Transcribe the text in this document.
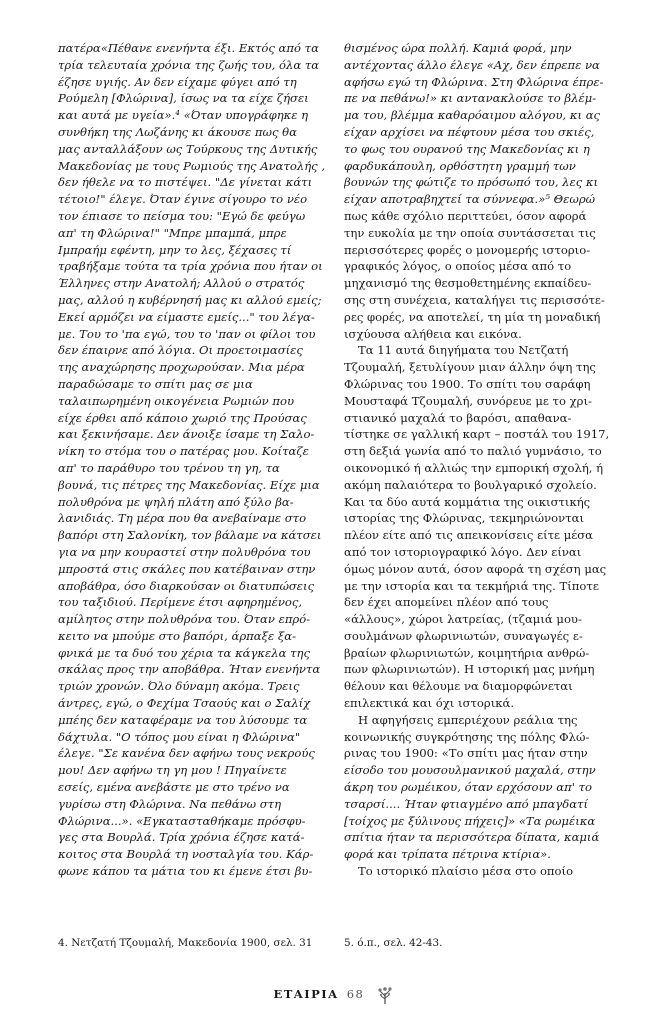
πατέρα«Πέθανε ενενήντα έξι. Εκτός από τα
τρία τελευταία χρόνια της ζωής του, όλα τα
έζησε υγιής. Αν δεν είχαμε φύγει από τη
Ρούμελη [Φλώρινα], ίσως να τα είχε ζήσει
και αυτά με υγεία».⁴ «Όταν υπογράφηκε η
συνθήκη της Λωζάνης κι άκουσε πως θα
μας ανταλλάξουν ως Τούρκους της Δυτικής
Μακεδονίας με τους Ρωμιούς της Ανατολής ,
δεν ήθελε να το πιστέψει. "Δε γίνεται κάτι
τέτοιο!" έλεγε. Όταν έγινε σίγουρο το νέο
τον έπιασε το πείσμα του: "Εγώ δε φεύγω
απ' τη Φλώρινα!" "Μπρε μπαμπά, μπρε
Ιμπραήμ εφέντη, μην το λες, ξέχασες τί
τραβήξαμε τούτα τα τρία χρόνια που ήταν οι
Έλληνες στην Ανατολή; Αλλού ο στρατός
μας, αλλού η κυβέρνησή μας κι αλλού εμείς;
Εκεί αρμόζει να είμαστε εμείς..." του λέγα-
με. Του το 'πα εγώ, του το 'παν οι φίλοι του
δεν έπαιρνε από λόγια. Οι προετοιμασίες
της αναχώρησης προχωρούσαν. Μια μέρα
παραδώσαμε το σπίτι μας σε μια
ταλαιπωρημένη οικογένεια Ρωμιών που
είχε έρθει από κάποιο χωριό της Προύσας
και ξεκινήσαμε. Δεν άνοιξε ίσαμε τη Σαλο-
νίκη το στόμα του ο πατέρας μου. Κοίταζε
απ' το παράθυρο του τρένου τη γη, τα
βουνά, τις πέτρες της Μακεδονίας. Είχε μια
πολυθρόνα με ψηλή πλάτη από ξύλο βα-
λανιδιάς. Τη μέρα που θα ανεβαίναμε στο
βαπόρι στη Σαλονίκη, τον βάλαμε να κάτσει
για να μην κουραστεί στην πολυθρόνα του
μπροστά στις σκάλες που κατέβαιναν στην
αποβάθρα, όσο διαρκούσαν οι διατυπώσεις
του ταξιδιού. Περίμενε έτσι αφηρημένος,
αμίλητος στην πολυθρόνα του. Όταν επρό-
κειτο να μπούμε στο βαπόρι, άρπαξε ξα-
φνικά με τα δυό του χέρια τα κάγκελα της
σκάλας προς την αποβάθρα. Ήταν ενενήντα
τριών χρονών. Όλο δύναμη ακόμα. Τρεις
άντρες, εγώ, ο Φεχίμα Τσαούς και ο Σαλίχ
μπέης δεν καταφέραμε να του λύσουμε τα
δάχτυλα. "Ο τόπος μου είναι η Φλώρινα"
έλεγε. "Σε κανένα δεν αφήνω τους νεκρούς
μου! Δεν αφήνω τη γη μου ! Πηγαίνετε
εσείς, εμένα ανεβάστε με στο τρένο να
γυρίσω στη Φλώρινα. Να πεθάνω στη
Φλώρινα...». «Εγκατασταθήκαμε πρόσφυ-
γες στα Βουρλά. Τρία χρόνια έζησε κατά-
κοιτος στα Βουρλά τη νοσταλγία του. Κάρ-
φωνε κάπου τα μάτια του κι έμενε έτσι βυ-
θισμένος ώρα πολλή. Καμιά φορά, μην
αντέχοντας άλλο έλεγε «Αχ, δεν έπρεπε να
αφήσω εγώ τη Φλώρινα. Στη Φλώρινα έπρε-
πε να πεθάνω!» κι αντανακλούσε το βλέμ-
μα του, βλέμμα καθαρόαιμου αλόγου, κι ας
είχαν αρχίσει να πέφτουν μέσα του σκιές,
το φως του ουρανού της Μακεδονίας κι η
φαρδυκάπουλη, ορθόστητη γραμμή των
βουνών της φώτιζε το πρόσωπό του, λες κι
είχαν αποτραβηχτεί τα σύννεφα.»⁵ Θεωρώ
πως κάθε σχόλιο περιττεύει, όσον αφορά
την ευκολία με την οποία συντάσσεται τις
περισσότερες φορές ο μονομερής ιστοριο-
γραφικός λόγος, ο οποίος μέσα από το
μηχανισμό της θεσμοθετημένης εκπαίδευ-
σης στη συνέχεια, καταλήγει τις περισσότε-
ρες φορές, να αποτελεί, τη μία τη μοναδική
ισχύουσα αλήθεια και εικόνα.
Τα 11 αυτά διηγήματα του Νετζατή
Τζουμαλή, ξετυλίγουν μιαν άλλην όψη της
Φλώρινας του 1900. Το σπίτι του σαράφη
Μουσταφά Τζουμαλή, συνόρευε με το χρι-
στιανικό μαχαλά το βαρόσι, απαθανα-
τίστηκε σε γαλλική καρτ – ποστάλ του 1917,
στη δεξιά γωνία από το παλιό γυμνάσιο, το
οικονομικό ή αλλιώς την εμπορική σχολή, ή
ακόμη παλαιότερα το βουλγαρικό σχολείο.
Και τα δύο αυτά κομμάτια της οικιστικής
ιστορίας της Φλώρινας, τεκμηριώνονται
πλέον είτε από τις απεικονίσεις είτε μέσα
από τον ιστοριογραφικό λόγο. Δεν είναι
όμως μόνον αυτά, όσον αφορά τη σχέση μας
με την ιστορία και τα τεκμήριά της. Τίποτε
δεν έχει απομείνει πλέον από τους
«άλλους», χώροι λατρείας, (τζαμιά μου-
σουλμάνων φλωρινιωτών, συναγωγές ε-
βραίων φλωρινιωτών, κοιμητήρια ανθρώ-
πων φλωρινιωτών). Η ιστορική μας μνήμη
θέλουν και θέλουμε να διαμορφώνεται
επιλεκτικά και όχι ιστορικά.
Η αφηγήσεις εμπεριέχουν ρεάλια της
κοινωνικής συγκρότησης της πόλης Φλώ-
ρινας του 1900: «Το σπίτι μας ήταν στην
είσοδο του μουσουλμανικού μαχαλά, στην
άκρη του ρωμέικου, όταν ερχόσουν απ' το
τσαρσί.... Ήταν φτιαγμένο από μπαγδατί
[τοίχος με ξύλινους πήχεις]» «Τα ρωμέικα
σπίτια ήταν τα περισσότερα δίπατα, καμιά
φορά και τρίπατα πέτρινα κτίρια».
Το ιστορικό πλαίσιο μέσα στο οποίο
4. Νετζατή Τζουμαλή, Μακεδονία 1900, σελ. 31	5. ό.π., σελ. 42-43.
ΕΤΑΙΡΙΑ 68
